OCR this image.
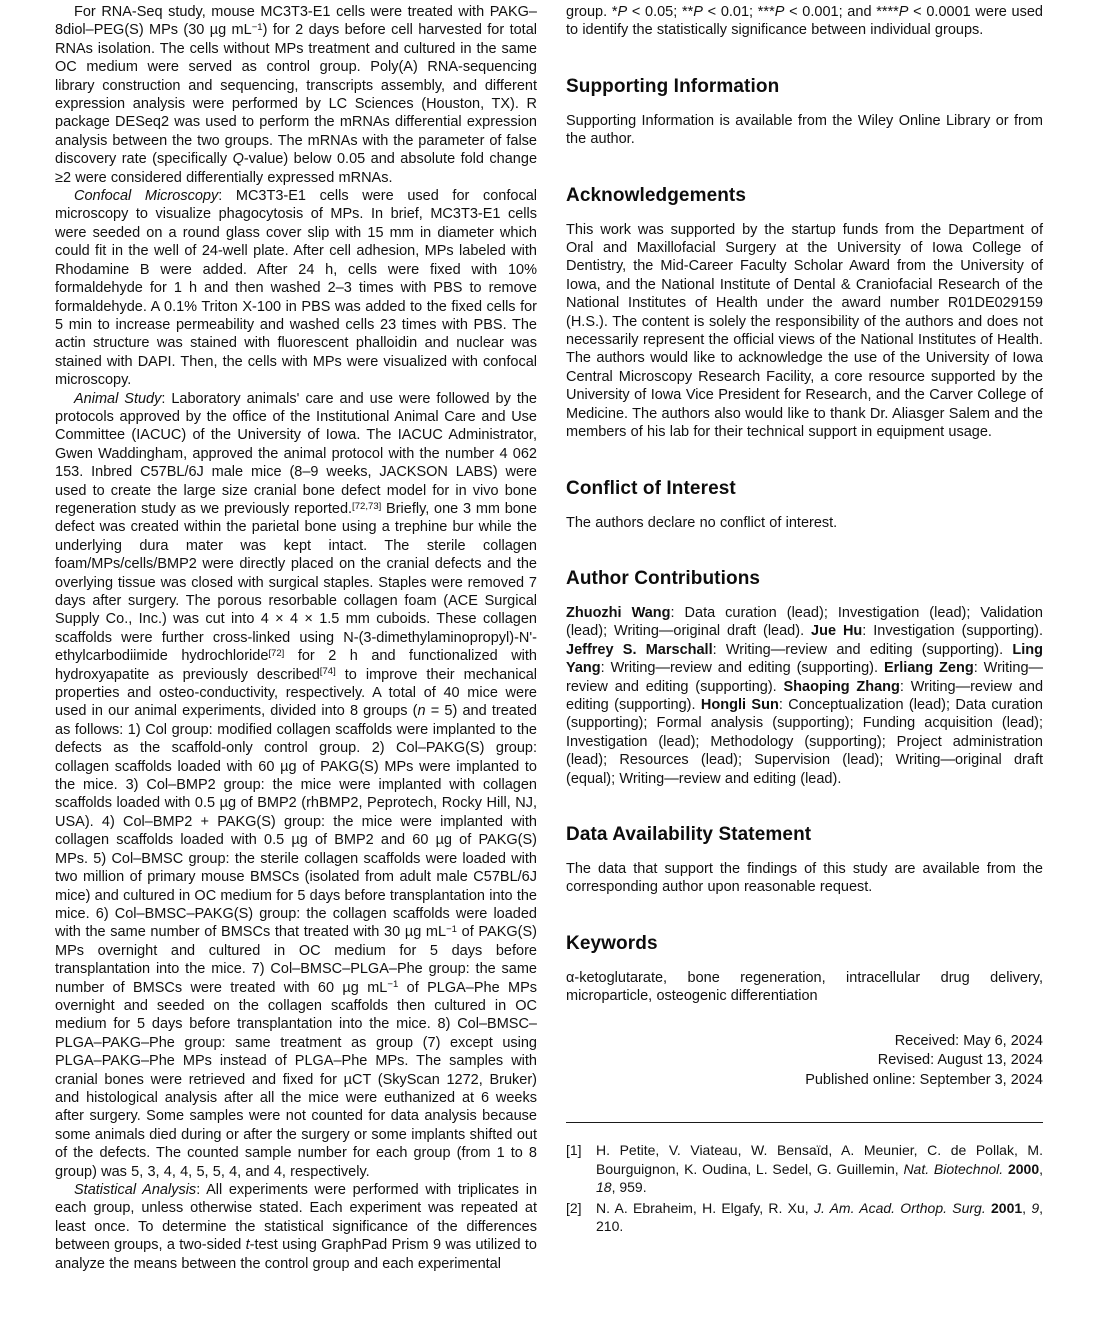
For RNA-Seq study, mouse MC3T3-E1 cells were treated with PAKG–8diol–PEG(S) MPs (30 µg $mL^{-1}$) for 2 days before cell harvested for total RNAs isolation. The cells without MPs treatment and cultured in the same OC medium were served as control group. Poly(A) RNA-sequencing library construction and sequencing, transcripts assembly, and different expression analysis were performed by LC Sciences (Houston, TX). R package DESeq2 was used to perform the mRNAs differential expression analysis between the two groups. The mRNAs with the parameter of false discovery rate (specifically Q-value) below 0.05 and absolute fold change ≥2 were considered differentially expressed mRNAs.

Confocal Microscopy: MC3T3-E1 cells were used for confocal microscopy to visualize phagocytosis of MPs. In brief, MC3T3-E1 cells were seeded on a round glass cover slip with 15 mm in diameter which could fit in the well of 24-well plate. After cell adhesion, MPs labeled with Rhodamine B were added. After 24 h, cells were fixed with 10% formaldehyde for 1 h and then washed 2–3 times with PBS to remove formaldehyde. A 0.1% Triton X-100 in PBS was added to the fixed cells for 5 min to increase permeability and washed cells 23 times with PBS. The actin structure was stained with fluorescent phalloidin and nuclear was stained with DAPI. Then, the cells with MPs were visualized with confocal microscopy.

Animal Study: Laboratory animals' care and use were followed by the protocols approved by the office of the Institutional Animal Care and Use Committee (IACUC) of the University of Iowa. The IACUC Administrator, Gwen Waddingham, approved the animal protocol with the number 4 062 153. Inbred C57BL/6J male mice (8–9 weeks, JACKSON LABS) were used to create the large size cranial bone defect model for in vivo bone regeneration study as we previously reported.[72,73] Briefly, one 3 mm bone defect was created within the parietal bone using a trephine bur while the underlying dura mater was kept intact. The sterile collagen foam/MPs/cells/BMP2 were directly placed on the cranial defects and the overlying tissue was closed with surgical staples. Staples were removed 7 days after surgery. The porous resorbable collagen foam (ACE Surgical Supply Co., Inc.) was cut into 4 × 4 × 1.5 mm cuboids. These collagen scaffolds were further cross-linked using N-(3-dimethylaminopropyl)-N'-ethylcarbodiimide hydrochloride[72] for 2 h and functionalized with hydroxyapatite as previously described[74] to improve their mechanical properties and osteo-conductivity, respectively. A total of 40 mice were used in our animal experiments, divided into 8 groups (n = 5) and treated as follows: 1) Col group: modified collagen scaffolds were implanted to the defects as the scaffold-only control group. 2) Col–PAKG(S) group: collagen scaffolds loaded with 60 µg of PAKG(S) MPs were implanted to the mice. 3) Col–BMP2 group: the mice were implanted with collagen scaffolds loaded with 0.5 µg of BMP2 (rhBMP2, Peprotech, Rocky Hill, NJ, USA). 4) Col–BMP2 + PAKG(S) group: the mice were implanted with collagen scaffolds loaded with 0.5 µg of BMP2 and 60 µg of PAKG(S) MPs. 5) Col–BMSC group: the sterile collagen scaffolds were loaded with two million of primary mouse BMSCs (isolated from adult male C57BL/6J mice) and cultured in OC medium for 5 days before transplantation into the mice. 6) Col–BMSC–PAKG(S) group: the collagen scaffolds were loaded with the same number of BMSCs that treated with 30 µg $mL^{-1}$ of PAKG(S) MPs overnight and cultured in OC medium for 5 days before transplantation into the mice. 7) Col–BMSC–PLGA–Phe group: the same number of BMSCs were treated with 60 µg $mL^{-1}$ of PLGA–Phe MPs overnight and seeded on the collagen scaffolds then cultured in OC medium for 5 days before transplantation into the mice. 8) Col–BMSC–PLGA–PAKG–Phe group: same treatment as group (7) except using PLGA–PAKG–Phe MPs instead of PLGA–Phe MPs. The samples with cranial bones were retrieved and fixed for µCT (SkyScan 1272, Bruker) and histological analysis after all the mice were euthanized at 6 weeks after surgery. Some samples were not counted for data analysis because some animals died during or after the surgery or some implants shifted out of the defects. The counted sample number for each group (from 1 to 8 group) was 5, 3, 4, 4, 5, 5, 4, and 4, respectively.

Statistical Analysis: All experiments were performed with triplicates in each group, unless otherwise stated. Each experiment was repeated at least once. To determine the statistical significance of the differences between groups, a two-sided t-test using GraphPad Prism 9 was utilized to analyze the means between the control group and each experimental

group. *P < 0.05; **P < 0.01; ***P < 0.001; and ****P < 0.0001 were used to identify the statistically significance between individual groups.

Supporting Information

Supporting Information is available from the Wiley Online Library or from the author.

Acknowledgements

This work was supported by the startup funds from the Department of Oral and Maxillofacial Surgery at the University of Iowa College of Dentistry, the Mid-Career Faculty Scholar Award from the University of Iowa, and the National Institute of Dental & Craniofacial Research of the National Institutes of Health under the award number R01DE029159 (H.S.). The content is solely the responsibility of the authors and does not necessarily represent the official views of the National Institutes of Health. The authors would like to acknowledge the use of the University of Iowa Central Microscopy Research Facility, a core resource supported by the University of Iowa Vice President for Research, and the Carver College of Medicine. The authors also would like to thank Dr. Aliasger Salem and the members of his lab for their technical support in equipment usage.

Conflict of Interest

The authors declare no conflict of interest.

Author Contributions

Zhuozhi Wang: Data curation (lead); Investigation (lead); Validation (lead); Writing—original draft (lead). Jue Hu: Investigation (supporting). Jeffrey S. Marschall: Writing—review and editing (supporting). Ling Yang: Writing—review and editing (supporting). Erliang Zeng: Writing—review and editing (supporting). Shaoping Zhang: Writing—review and editing (supporting). Hongli Sun: Conceptualization (lead); Data curation (supporting); Formal analysis (supporting); Funding acquisition (lead); Investigation (lead); Methodology (supporting); Project administration (lead); Resources (lead); Supervision (lead); Writing—original draft (equal); Writing—review and editing (lead).

Data Availability Statement

The data that support the findings of this study are available from the corresponding author upon reasonable request.

Keywords

α-ketoglutarate, bone regeneration, intracellular drug delivery, microparticle, osteogenic differentiation

Received: May 6, 2024
Revised: August 13, 2024
Published online: September 3, 2024
[1]	H. Petite, V. Viateau, W. Bensaïd, A. Meunier, C. de Pollak, M. Bourguignon, K. Oudina, L. Sedel, G. Guillemin, Nat. Biotechnol. 2000, 18, 959.
[2]	N. A. Ebraheim, H. Elgafy, R. Xu, J. Am. Acad. Orthop. Surg. 2001, 9, 210.
